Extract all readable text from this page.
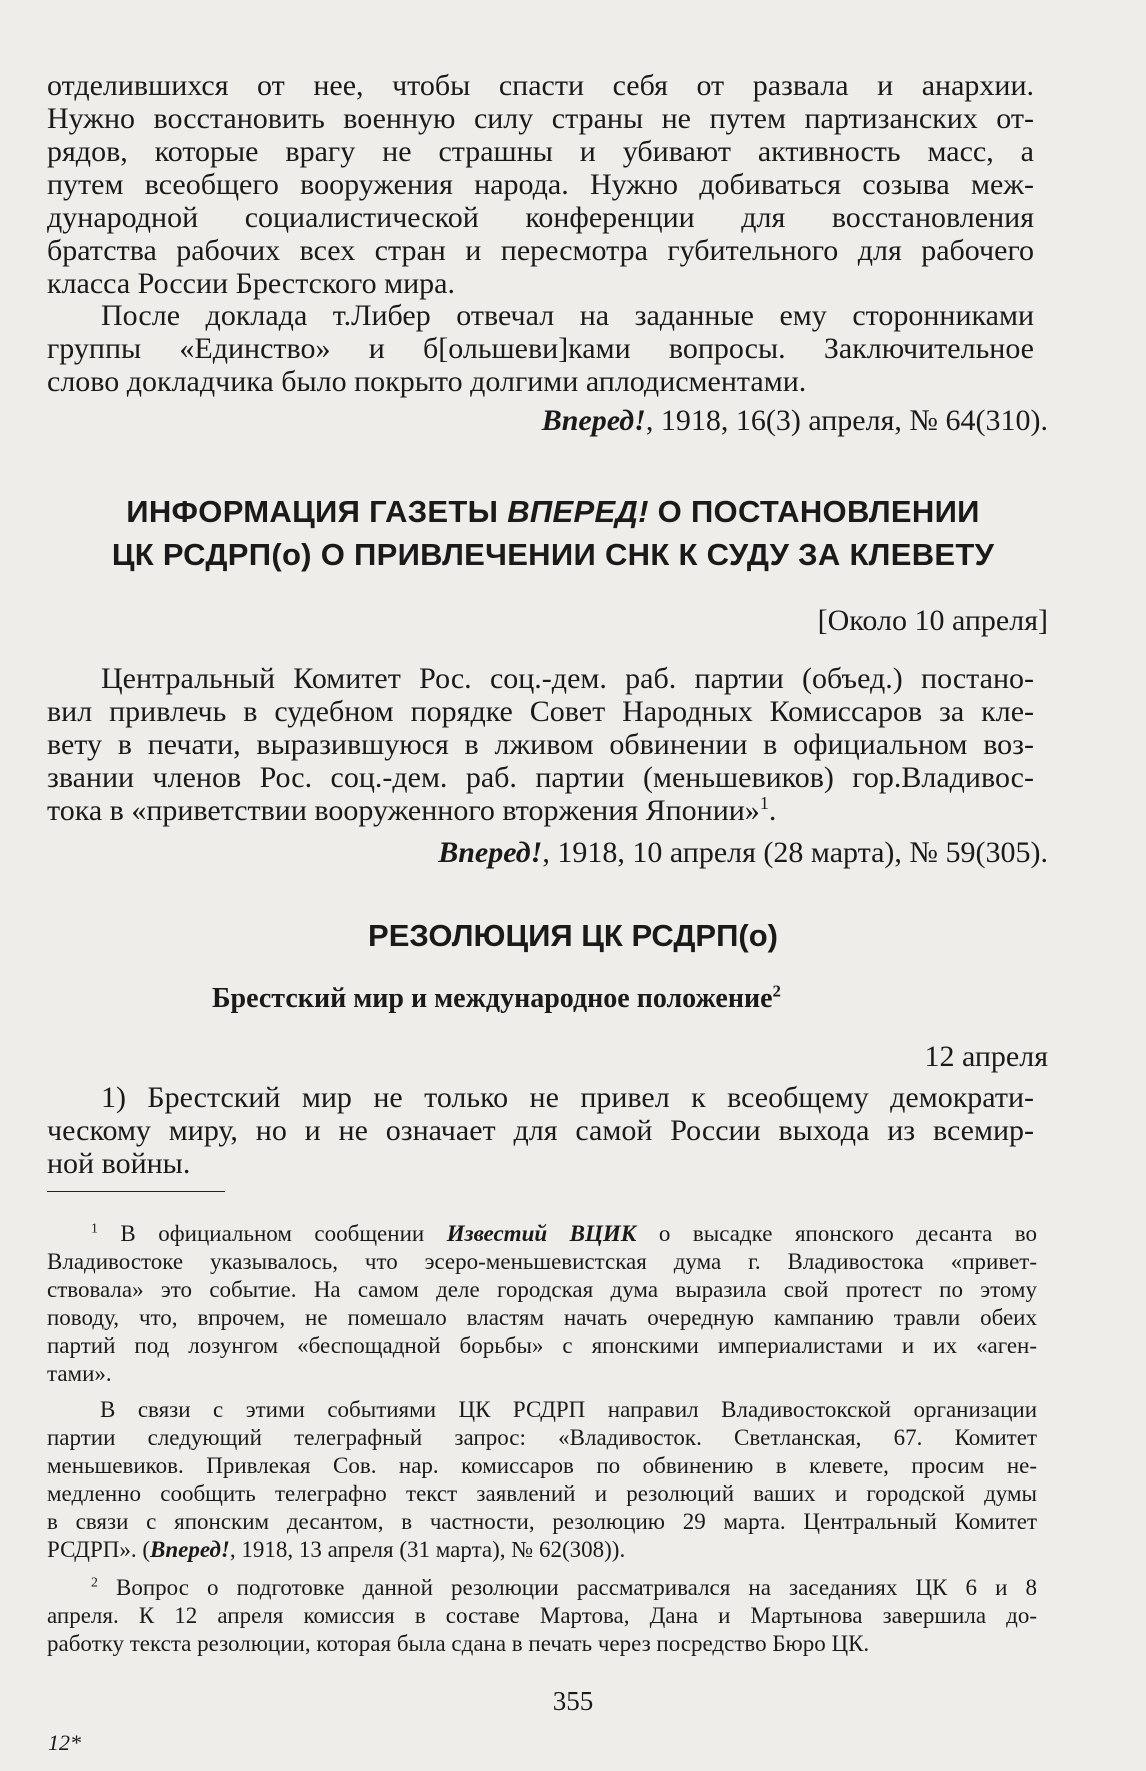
отделившихся от нее, чтобы спасти себя от развала и анархии.

Нужно восстановить военную силу страны не путем партизанских от-

рядов, которые врагу не страшны и убивают активность масс, а

путем всеобщего вооружения народа. Нужно добиваться созыва меж-

дународной социалистической конференции для восстановления

братства рабочих всех стран и пересмотра губительного для рабочего

класса России Брестского мира.

После доклада т.Либер отвечал на заданные ему сторонниками

группы «Единство» и б[ольшеви]ками вопросы. Заключительное

слово докладчика было покрыто долгими аплодисментами.

Вперед!, 1918, 16(3) апреля, № 64(310).

ИНФОРМАЦИЯ ГАЗЕТЫ ВПЕРЕД! О ПОСТАНОВЛЕНИИ

ЦК РСДРП(о) О ПРИВЛЕЧЕНИИ СНК К СУДУ ЗА КЛЕВЕТУ

[Около 10 апреля]

Центральный Комитет Рос. соц.-дем. раб. партии (объед.) постано-

вил привлечь в судебном порядке Совет Народных Комиссаров за кле-

вету в печати, выразившуюся в лживом обвинении в официальном воз-

звании членов Рос. соц.-дем. раб. партии (меньшевиков) гор.Владивос-

тока в «приветствии вооруженного вторжения Японии»$^1$.

Вперед!, 1918, 10 апреля (28 марта), № 59(305).

РЕЗОЛЮЦИЯ ЦК РСДРП(о)

Брестский мир и международное положение$^2$

12 апреля

1) Брестский мир не только не привел к всеобщему демократи-

ческому миру, но и не означает для самой России выхода из всемир-

ной войны.

$^1$ В официальном сообщении Известий ВЦИК о высадке японского десанта во

Владивостоке указывалось, что эсеро-меньшевистская дума г. Владивостока «привет-

ствовала» это событие. На самом деле городская дума выразила свой протест по этому

поводу, что, впрочем, не помешало властям начать очередную кампанию травли обеих

партий под лозунгом «беспощадной борьбы» с японскими империалистами и их «аген-

тами».

В связи с этими событиями ЦК РСДРП направил Владивостокской организации

партии следующий телеграфный запрос: «Владивосток. Светланская, 67. Комитет

меньшевиков. Привлекая Сов. нар. комиссаров по обвинению в клевете, просим не-

медленно сообщить телеграфно текст заявлений и резолюций ваших и городской думы

в связи с японским десантом, в частности, резолюцию 29 марта. Центральный Комитет

РСДРП». (Вперед!, 1918, 13 апреля (31 марта), № 62(308)).

$^2$ Вопрос о подготовке данной резолюции рассматривался на заседаниях ЦК 6 и 8

апреля. К 12 апреля комиссия в составе Мартова, Дана и Мартынова завершила до-

работку текста резолюции, которая была сдана в печать через посредство Бюро ЦК.

355
12*
